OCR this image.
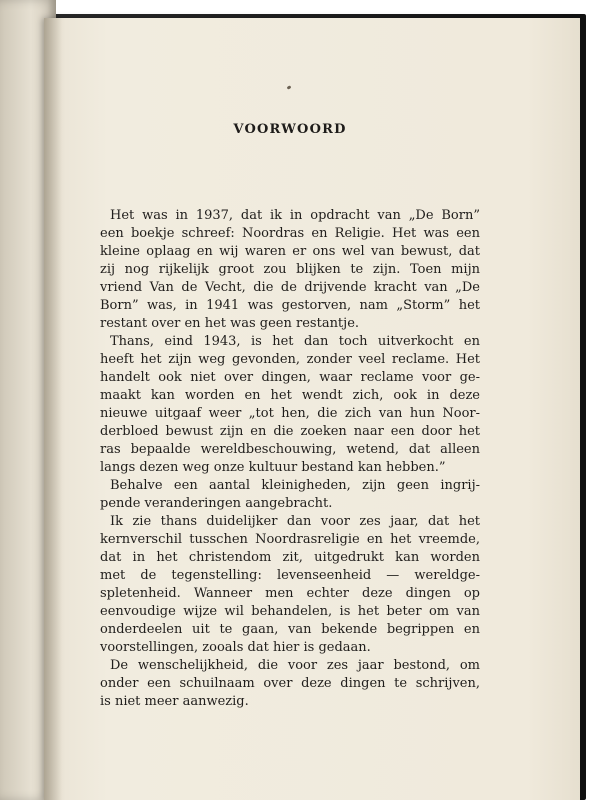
VOORWOORD

Het was in 1937, dat ik in opdracht van „De Born”
een boekje schreef: Noordras en Religie. Het was een
kleine oplaag en wij waren er ons wel van bewust, dat
zij nog rijkelijk groot zou blijken te zijn. Toen mijn
vriend Van de Vecht, die de drijvende kracht van „De
Born” was, in 1941 was gestorven, nam „Storm” het
restant over en het was geen restantje.

Thans, eind 1943, is het dan toch uitverkocht en
heeft het zijn weg gevonden, zonder veel reclame. Het
handelt ook niet over dingen, waar reclame voor ge-
maakt kan worden en het wendt zich, ook in deze
nieuwe uitgaaf weer „tot hen, die zich van hun Noor-
derbloed bewust zijn en die zoeken naar een door het
ras bepaalde wereldbeschouwing, wetend, dat alleen
langs dezen weg onze kultuur bestand kan hebben.”

Behalve een aantal kleinigheden, zijn geen ingrij-
pende veranderingen aangebracht.

Ik zie thans duidelijker dan voor zes jaar, dat het
kernverschil tusschen Noordrasreligie en het vreemde,
dat in het christendom zit, uitgedrukt kan worden
met de tegenstelling: levenseenheid — wereldge-
spletenheid. Wanneer men echter deze dingen op
eenvoudige wijze wil behandelen, is het beter om van
onderdeelen uit te gaan, van bekende begrippen en
voorstellingen, zooals dat hier is gedaan.

De wenschelijkheid, die voor zes jaar bestond, om
onder een schuilnaam over deze dingen te schrijven,
is niet meer aanwezig.
